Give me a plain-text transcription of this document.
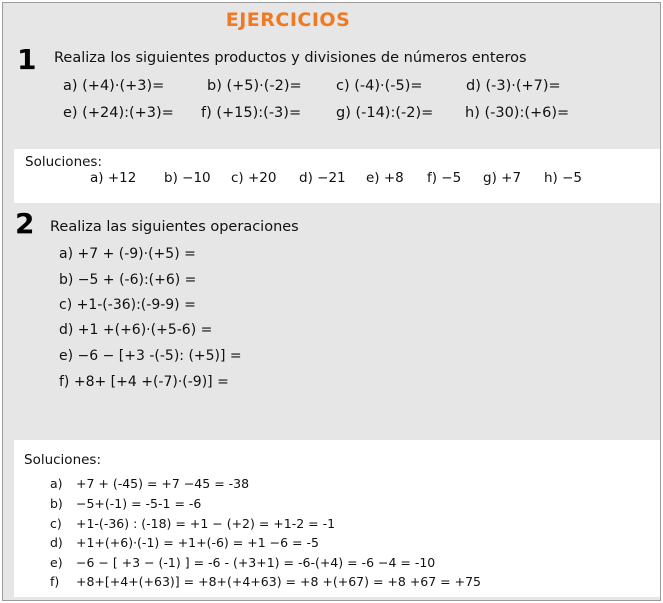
EJERCICIOS
1 Realiza los siguientes productos y divisiones de números enteros
a) (+4)·(+3)=	b) (+5)·(-2)= c) (-4)·(-5)=	d) (-3)·(+7)=
e) (+24):(+3)= f) (+15):(-3)= g) (-14):(-2)= h) (-30):(+6)=
Soluciones:
a) +12 b) −10 c) +20 d) −21 e) +8 f) −5 g) +7 h) −5
2 Realiza las siguientes operaciones
a) +7 + (-9)·(+5) =
b) −5 + (-6):(+6) =
c) +1-(-36):(-9-9) =
d) +1 +(+6)·(+5-6) =
e) −6 − [+3 -(-5): (+5)] =
f) +8+ [+4 +(-7)·(-9)] =
Soluciones:
a) +7 + (-45) = +7 −45 = -38
b) −5+(-1) = -5-1 = -6
c) +1-(-36) : (-18) = +1 − (+2) = +1-2 = -1
d) +1+(+6)·(-1) = +1+(-6) = +1 −6 = -5
e) −6 − [ +3 − (-1) ] = -6 - (+3+1) = -6-(+4) = -6 −4 = -10
f) +8+[+4+(+63)] = +8+(+4+63) = +8 +(+67) = +8 +67 = +75
